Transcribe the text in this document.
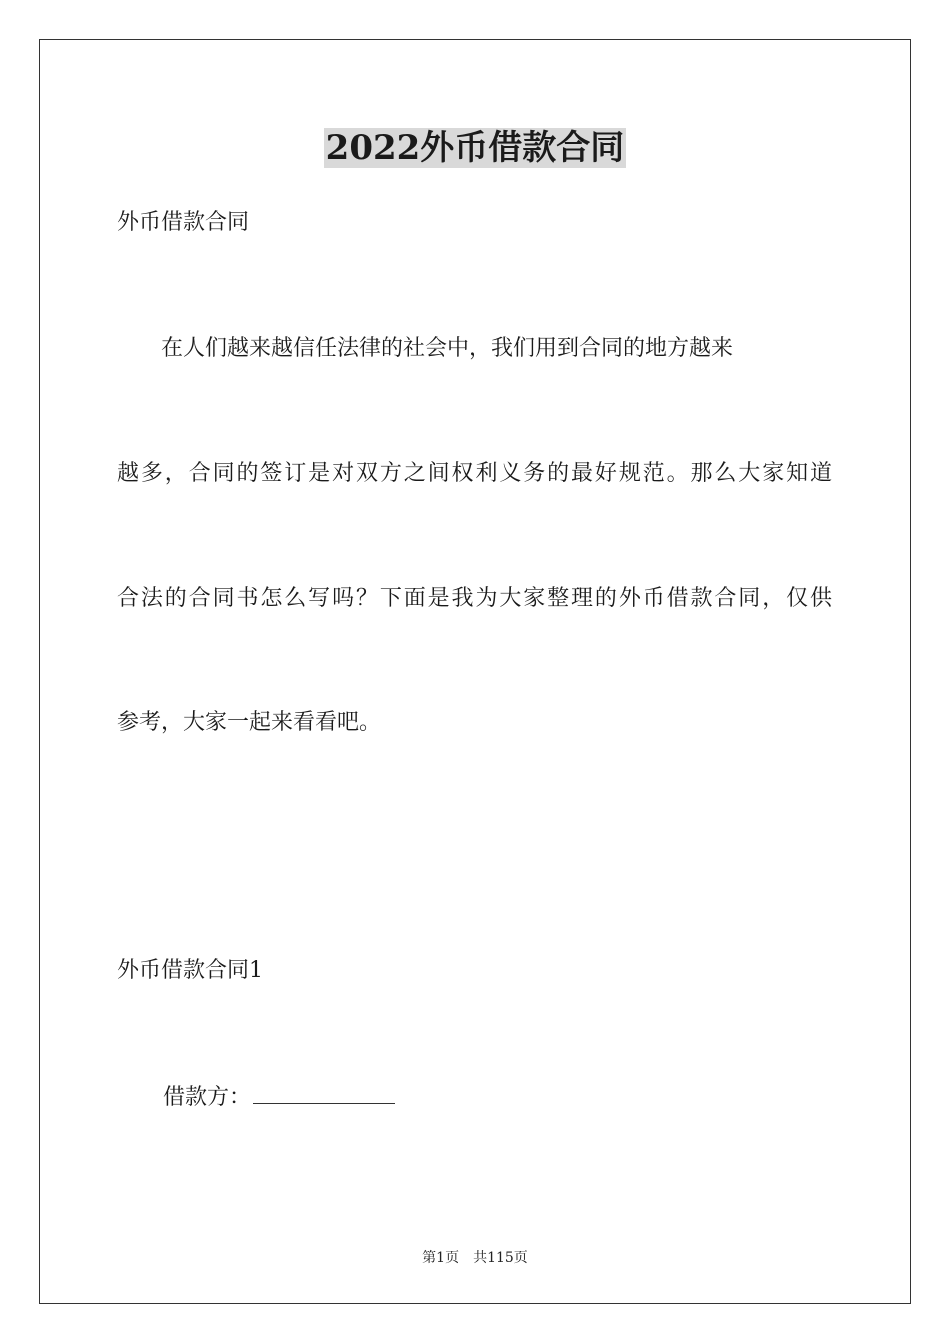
2022外币借款合同
外币借款合同
　　在人们越来越信任法律的社会中，我们用到合同的地方越来
越多，合同的签订是对双方之间权利义务的最好规范。那么大家知道
合法的合同书怎么写吗？下面是我为大家整理的外币借款合同，仅供
参考，大家一起来看看吧。
外币借款合同1
借款方：
第1页　共115页
